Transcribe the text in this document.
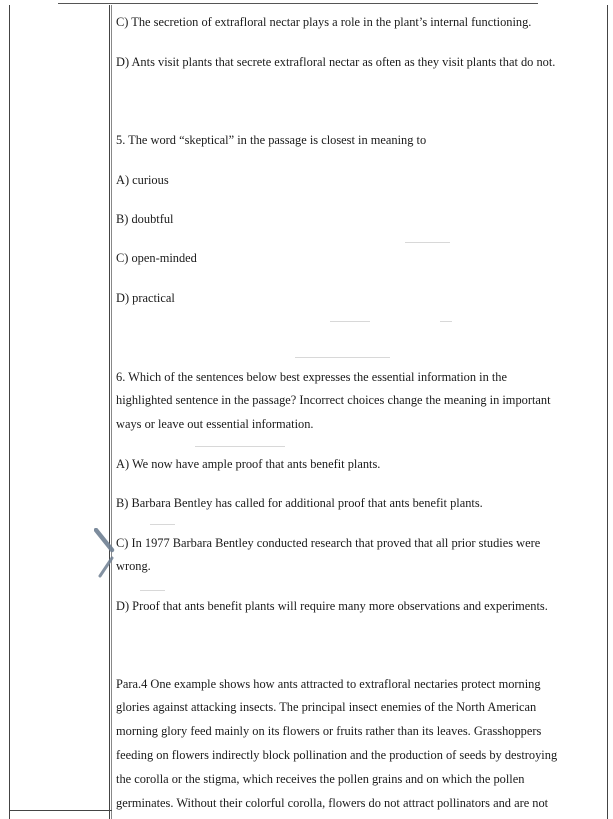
C) The secretion of extrafloral nectar plays a role in the plant’s internal functioning.
D) Ants visit plants that secrete extrafloral nectar as often as they visit plants that do not.
5. The word “skeptical” in the passage is closest in meaning to
A) curious
B) doubtful
C) open-minded
D) practical
6. Which of the sentences below best expresses the essential information in the
highlighted sentence in the passage? Incorrect choices change the meaning in important
ways or leave out essential information.
A) We now have ample proof that ants benefit plants.
B) Barbara Bentley has called for additional proof that ants benefit plants.
C) In 1977 Barbara Bentley conducted research that proved that all prior studies were
wrong.
D) Proof that ants benefit plants will require many more observations and experiments.
Para.4 One example shows how ants attracted to extrafloral nectaries protect morning
glories against attacking insects. The principal insect enemies of the North American
morning glory feed mainly on its flowers or fruits rather than its leaves. Grasshoppers
feeding on flowers indirectly block pollination and the production of seeds by destroying
the corolla or the stigma, which receives the pollen grains and on which the pollen
germinates. Without their colorful corolla, flowers do not attract pollinators and are not
